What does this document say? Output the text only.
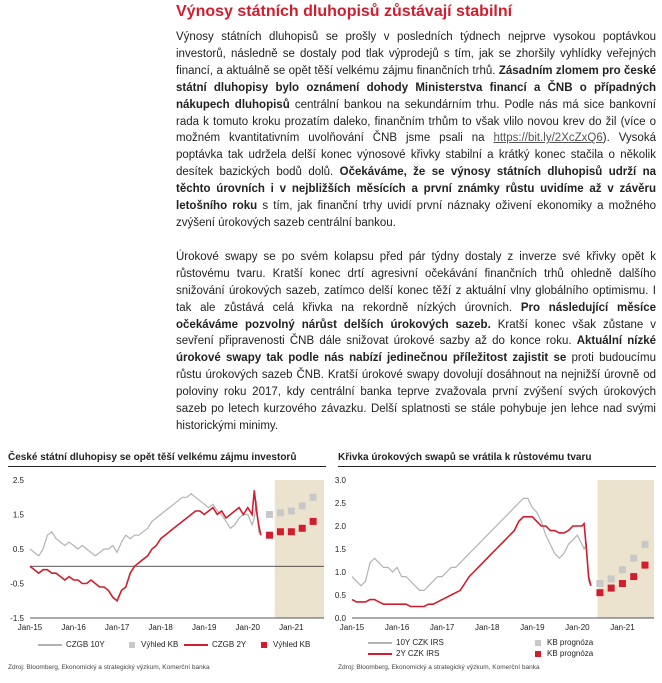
Výnosy státních dluhopisů zůstávají stabilní

Výnosy státních dluhopisů se prošly v posledních týdnech nejprve vysokou poptávkou investorů, následně se dostaly pod tlak výprodejů s tím, jak se zhoršily vyhlídky veřejných financí, a aktuálně se opět těší velkému zájmu finančních trhů. Zásadním zlomem pro české státní dluhopisy bylo oznámení dohody Ministerstva financí a ČNB o případných nákupech dluhopisů centrální bankou na sekundárním trhu. Podle nás má sice bankovní rada k tomuto kroku prozatím daleko, finančním trhům to však vlilo novou krev do žil (více o možném kvantitativním uvolňování ČNB jsme psali na https://bit.ly/2XcZxQ6). Vysoká poptávka tak udržela delší konec výnosové křivky stabilní a krátký konec stačila o několik desítek bazických bodů dolů. Očekáváme, že se výnosy státních dluhopisů udrží na těchto úrovních i v nejbližších měsících a první známky růstu uvidíme až v závěru letošního roku s tím, jak finanční trhy uvidí první náznaky oživení ekonomiky a možného zvýšení úrokových sazeb centrální bankou.

Úrokové swapy se po svém kolapsu před pár týdny dostaly z inverze své křivky opět k růstovému tvaru. Kratší konec drtí agresivní očekávání finančních trhů ohledně dalšího snižování úrokových sazeb, zatímco delší konec těží z aktuální vlny globálního optimismu. I tak ale zůstává celá křivka na rekordně nízkých úrovních. Pro následující měsíce očekáváme pozvolný nárůst delších úrokových sazeb. Kratší konec však zůstane v sevření připravenosti ČNB dále snižovat úrokové sazby až do konce roku. Aktuální nízké úrokové swapy tak podle nás nabízí jedinečnou příležitost zajistit se proti budoucímu růstu úrokových sazeb ČNB. Kratší úrokové swapy dovolují dosáhnout na nejnižší úrovně od poloviny roku 2017, kdy centrální banka teprve zvažovala první zvýšení svých úrokových sazeb po letech kurzového závazku. Delší splatnosti se stále pohybuje jen lehce nad svými historickými minimy.

České státní dluhopisy se opět těší velkému zájmu investorů
2.5
1.5
0.5
-0.5
-1.5
Jan-15 Jan-16 Jan-17 Jan-18 Jan-19 Jan-20 Jan-21
CZGB 10Y	Výhled KB	CZGB 2Y	Výhled KB
Zdroj: Bloomberg, Ekonomický a strategický výzkum, Komerční banka
Křivka úrokových swapů se vrátila k růstovému tvaru
3.0
2.5
2.0
1.5
1.0
0.5
0.0
Jan-15	Jan-16	Jan-17	Jan-18	Jan-19	Jan-20	Jan-21
10Y CZK IRS	KB prognóza
2Y CZK IRS	KB prognóza
Zdroj: Bloomberg, Ekonomický a strategický výzkum, Komerční banka
